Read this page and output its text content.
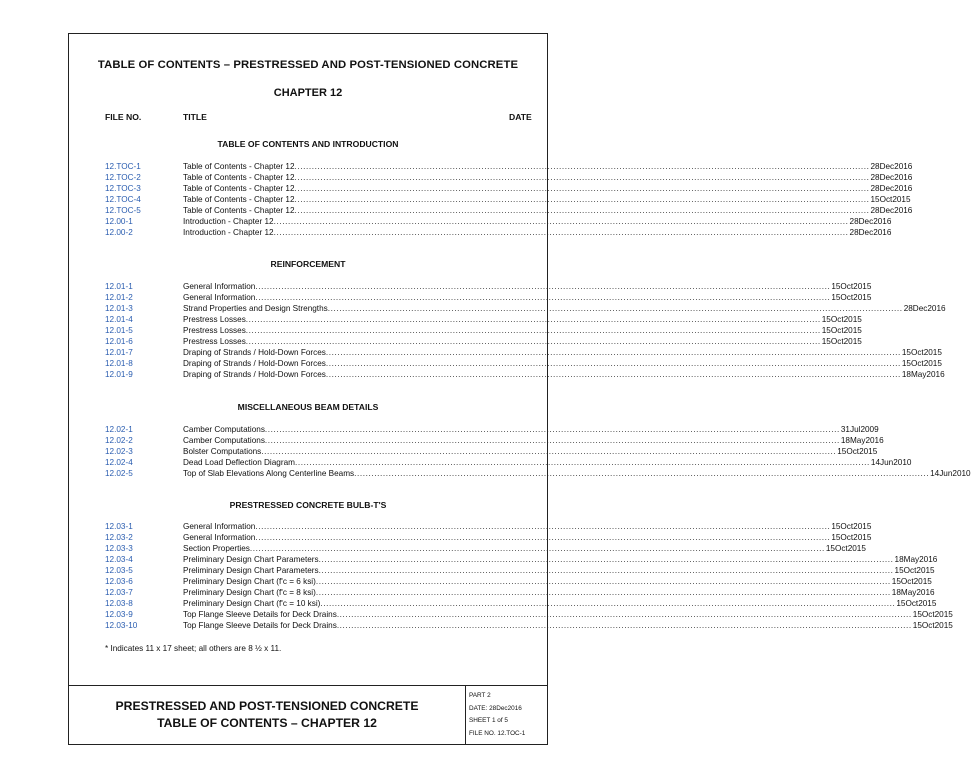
TABLE OF CONTENTS – PRESTRESSED AND POST-TENSIONED CONCRETE
CHAPTER 12
FILE NO.	TITLE	DATE
TABLE OF CONTENTS AND INTRODUCTION
12.TOC-1	Table of Contents - Chapter 12 ........................................................................................................................................................................................................ 28Dec2016
12.TOC-2	Table of Contents - Chapter 12 ........................................................................................................................................................................................................ 28Dec2016
12.TOC-3	Table of Contents - Chapter 12 ........................................................................................................................................................................................................ 28Dec2016
12.TOC-4	Table of Contents - Chapter 12 ........................................................................................................................................................................................................ 15Oct2015
12.TOC-5	Table of Contents - Chapter 12 ........................................................................................................................................................................................................ 28Dec2016
12.00-1	Introduction - Chapter 12 ........................................................................................................................................................................................................ 28Dec2016
12.00-2	Introduction - Chapter 12 ........................................................................................................................................................................................................ 28Dec2016
REINFORCEMENT
12.01-1	General Information ........................................................................................................................................................................................................ 15Oct2015
12.01-2	General Information ........................................................................................................................................................................................................ 15Oct2015
12.01-3	Strand Properties and Design Strengths ........................................................................................................................................................................................................ 28Dec2016
12.01-4	Prestress Losses ........................................................................................................................................................................................................ 15Oct2015
12.01-5	Prestress Losses ........................................................................................................................................................................................................ 15Oct2015
12.01-6	Prestress Losses ........................................................................................................................................................................................................ 15Oct2015
12.01-7	Draping of Strands / Hold-Down Forces ........................................................................................................................................................................................................ 15Oct2015
12.01-8	Draping of Strands / Hold-Down Forces ........................................................................................................................................................................................................ 15Oct2015
12.01-9	Draping of Strands / Hold-Down Forces ........................................................................................................................................................................................................ 18May2016
MISCELLANEOUS BEAM DETAILS
12.02-1	Camber Computations ........................................................................................................................................................................................................ 31Jul2009
12.02-2	Camber Computations ........................................................................................................................................................................................................ 18May2016
12.02-3	Bolster Computations ........................................................................................................................................................................................................ 15Oct2015
12.02-4	Dead Load Deflection Diagram ........................................................................................................................................................................................................ 14Jun2010
12.02-5	Top of Slab Elevations Along Centerline Beams ........................................................................................................................................................................................................ 14Jun2010
PRESTRESSED CONCRETE BULB-T'S
12.03-1	General Information ........................................................................................................................................................................................................ 15Oct2015
12.03-2	General Information ........................................................................................................................................................................................................ 15Oct2015
12.03-3	Section Properties ........................................................................................................................................................................................................ 15Oct2015
12.03-4	Preliminary Design Chart Parameters ........................................................................................................................................................................................................ 18May2016
12.03-5	Preliminary Design Chart Parameters ........................................................................................................................................................................................................ 15Oct2015
12.03-6	Preliminary Design Chart (f'c = 6 ksi) ........................................................................................................................................................................................................ 15Oct2015
12.03-7	Preliminary Design Chart (f'c = 8 ksi) ........................................................................................................................................................................................................ 18May2016
12.03-8	Preliminary Design Chart (f'c = 10 ksi) ........................................................................................................................................................................................................ 15Oct2015
12.03-9	Top Flange Sleeve Details for Deck Drains ........................................................................................................................................................................................................ 15Oct2015
12.03-10	Top Flange Sleeve Details for Deck Drains ........................................................................................................................................................................................................ 15Oct2015
* Indicates 11 x 17 sheet; all others are 8 ½ x 11.
PRESTRESSED AND POST-TENSIONED CONCRETE
TABLE OF CONTENTS – CHAPTER 12
PART 2
DATE: 28Dec2016
SHEET 1 of 5
FILE NO. 12.TOC-1
